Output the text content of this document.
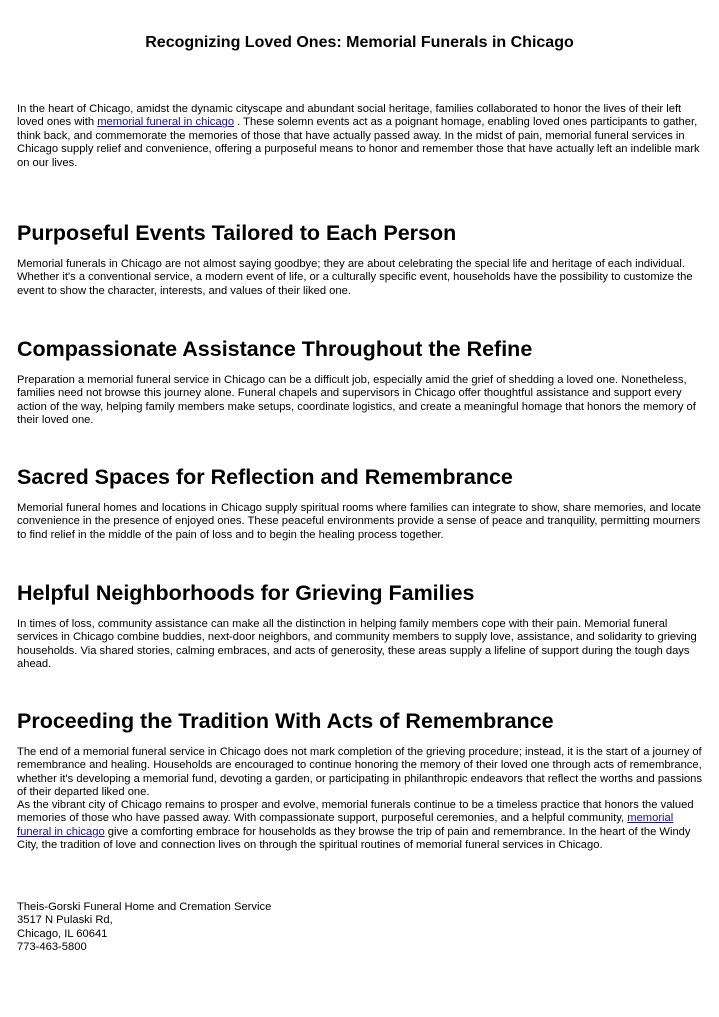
Recognizing Loved Ones: Memorial Funerals in Chicago

In the heart of Chicago, amidst the dynamic cityscape and abundant social heritage, families collaborated to honor the lives of their left loved ones with memorial funeral in chicago . These solemn events act as a poignant homage, enabling loved ones participants to gather, think back, and commemorate the memories of those that have actually passed away. In the midst of pain, memorial funeral services in Chicago supply relief and convenience, offering a purposeful means to honor and remember those that have actually left an indelible mark on our lives.

Purposeful Events Tailored to Each Person

Memorial funerals in Chicago are not almost saying goodbye; they are about celebrating the special life and heritage of each individual. Whether it's a conventional service, a modern event of life, or a culturally specific event, households have the possibility to customize the event to show the character, interests, and values of their liked one.

Compassionate Assistance Throughout the Refine

Preparation a memorial funeral service in Chicago can be a difficult job, especially amid the grief of shedding a loved one. Nonetheless, families need not browse this journey alone. Funeral chapels and supervisors in Chicago offer thoughtful assistance and support every action of the way, helping family members make setups, coordinate logistics, and create a meaningful homage that honors the memory of their loved one.

Sacred Spaces for Reflection and Remembrance

Memorial funeral homes and locations in Chicago supply spiritual rooms where families can integrate to show, share memories, and locate convenience in the presence of enjoyed ones. These peaceful environments provide a sense of peace and tranquility, permitting mourners to find relief in the middle of the pain of loss and to begin the healing process together.

Helpful Neighborhoods for Grieving Families

In times of loss, community assistance can make all the distinction in helping family members cope with their pain. Memorial funeral services in Chicago combine buddies, next-door neighbors, and community members to supply love, assistance, and solidarity to grieving households. Via shared stories, calming embraces, and acts of generosity, these areas supply a lifeline of support during the tough days ahead.

Proceeding the Tradition With Acts of Remembrance

The end of a memorial funeral service in Chicago does not mark completion of the grieving procedure; instead, it is the start of a journey of remembrance and healing. Households are encouraged to continue honoring the memory of their loved one through acts of remembrance, whether it's developing a memorial fund, devoting a garden, or participating in philanthropic endeavors that reflect the worths and passions of their departed liked one.

As the vibrant city of Chicago remains to prosper and evolve, memorial funerals continue to be a timeless practice that honors the valued memories of those who have passed away. With compassionate support, purposeful ceremonies, and a helpful community, memorial funeral in chicago give a comforting embrace for households as they browse the trip of pain and remembrance. In the heart of the Windy City, the tradition of love and connection lives on through the spiritual routines of memorial funeral services in Chicago.

Theis-Gorski Funeral Home and Cremation Service
3517 N Pulaski Rd,
Chicago, IL 60641
773-463-5800
